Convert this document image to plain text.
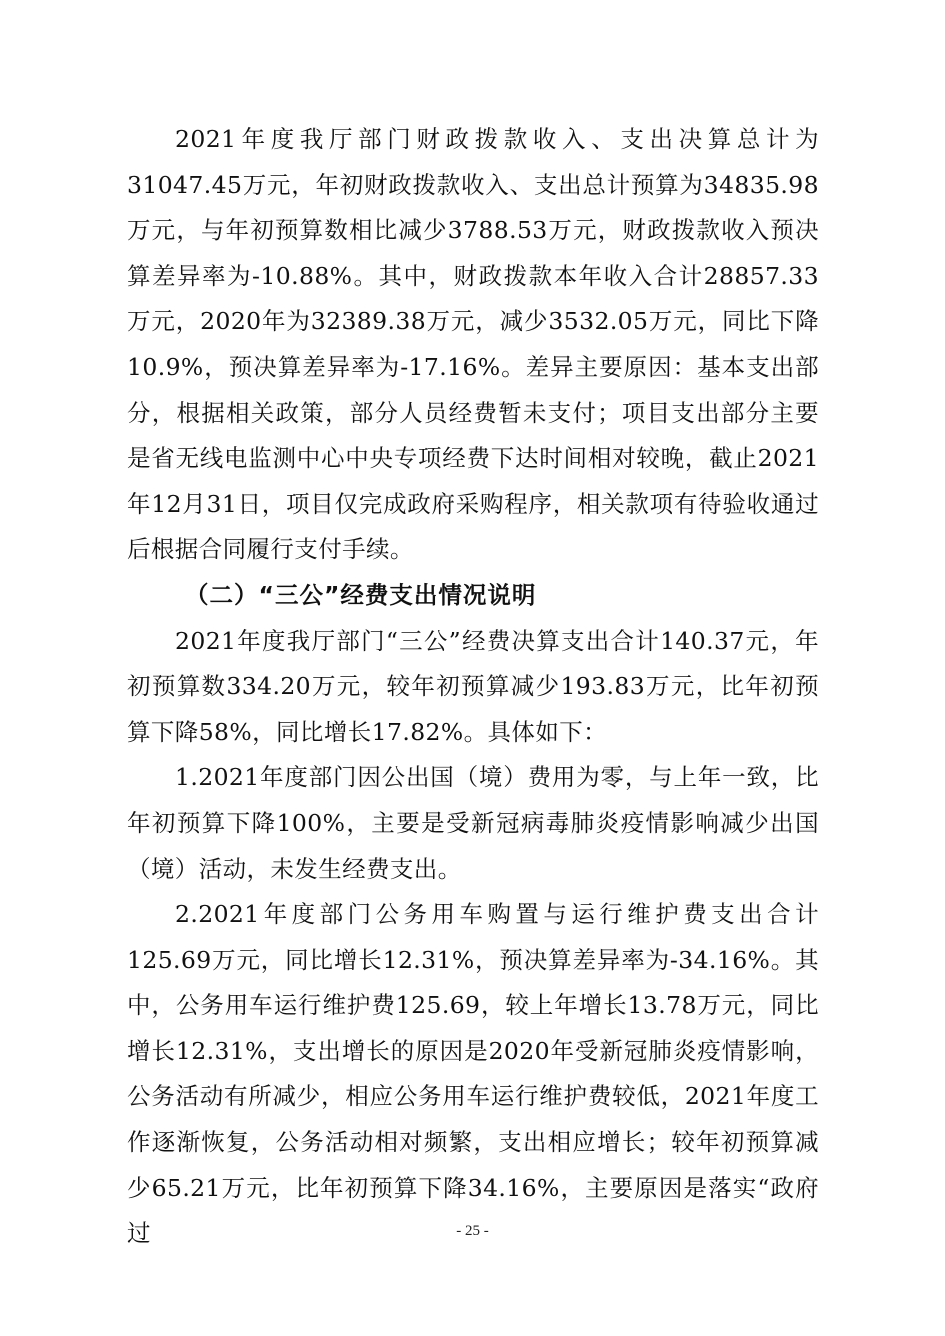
2021年度我厅部门财政拨款收入、支出决算总计为31047.45万元，年初财政拨款收入、支出总计预算为34835.98万元，与年初预算数相比减少3788.53万元，财政拨款收入预决算差异率为-10.88%。其中，财政拨款本年收入合计28857.33万元，2020年为32389.38万元，减少3532.05万元，同比下降10.9%，预决算差异率为-17.16%。差异主要原因：基本支出部分，根据相关政策，部分人员经费暂未支付；项目支出部分主要是省无线电监测中心中央专项经费下达时间相对较晚，截止2021年12月31日，项目仅完成政府采购程序，相关款项有待验收通过后根据合同履行支付手续。

（二）“三公”经费支出情况说明

2021年度我厅部门“三公”经费决算支出合计140.37元，年初预算数334.20万元，较年初预算减少193.83万元，比年初预算下降58%，同比增长17.82%。具体如下：

1.2021年度部门因公出国（境）费用为零，与上年一致，比年初预算下降100%，主要是受新冠病毒肺炎疫情影响减少出国（境）活动，未发生经费支出。

2.2021年度部门公务用车购置与运行维护费支出合计125.69万元，同比增长12.31%，预决算差异率为-34.16%。其中，公务用车运行维护费125.69，较上年增长13.78万元，同比增长12.31%，支出增长的原因是2020年受新冠肺炎疫情影响，公务活动有所减少，相应公务用车运行维护费较低，2021年度工作逐渐恢复，公务活动相对频繁，支出相应增长；较年初预算减少65.21万元，比年初预算下降34.16%，主要原因是落实“政府过	- 25 -
